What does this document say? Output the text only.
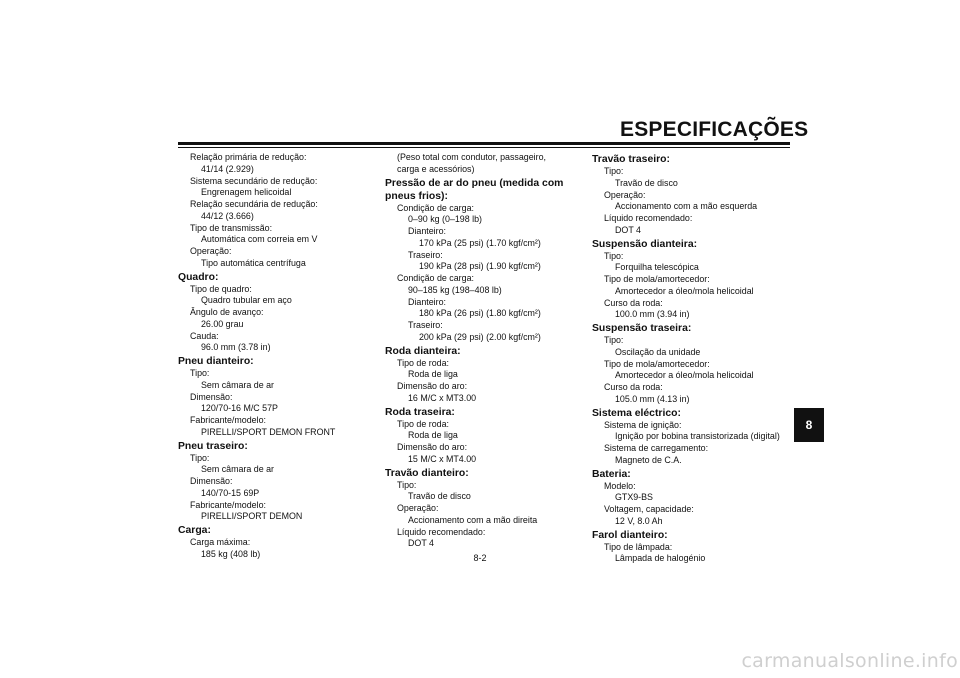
ESPECIFICAÇÕES
Relação primária de redução:
41/14 (2.929)
Sistema secundário de redução:
Engrenagem helicoidal
Relação secundária de redução:
44/12 (3.666)
Tipo de transmissão:
Automática com correia em V
Operação:
Tipo automática centrífuga
Quadro:
Tipo de quadro:
Quadro tubular em aço
Ângulo de avanço:
26.00 grau
Cauda:
96.0 mm (3.78 in)
Pneu dianteiro:
Tipo:
Sem câmara de ar
Dimensão:
120/70-16 M/C 57P
Fabricante/modelo:
PIRELLI/SPORT DEMON FRONT
Pneu traseiro:
Tipo:
Sem câmara de ar
Dimensão:
140/70-15 69P
Fabricante/modelo:
PIRELLI/SPORT DEMON
Carga:
Carga máxima:
185 kg (408 lb)
(Peso total com condutor, passageiro,
carga e acessórios)
Pressão de ar do pneu (medida com pneus frios):
Condição de carga:
0–90 kg (0–198 lb)
Dianteiro:
170 kPa (25 psi) (1.70 kgf/cm²)
Traseiro:
190 kPa (28 psi) (1.90 kgf/cm²)
Condição de carga:
90–185 kg (198–408 lb)
Dianteiro:
180 kPa (26 psi) (1.80 kgf/cm²)
Traseiro:
200 kPa (29 psi) (2.00 kgf/cm²)
Roda dianteira:
Tipo de roda:
Roda de liga
Dimensão do aro:
16 M/C x MT3.00
Roda traseira:
Tipo de roda:
Roda de liga
Dimensão do aro:
15 M/C x MT4.00
Travão dianteiro:
Tipo:
Travão de disco
Operação:
Accionamento com a mão direita
Líquido recomendado:
DOT 4
Travão traseiro:
Tipo:
Travão de disco
Operação:
Accionamento com a mão esquerda
Líquido recomendado:
DOT 4
Suspensão dianteira:
Tipo:
Forquilha telescópica
Tipo de mola/amortecedor:
Amortecedor a óleo/mola helicoidal
Curso da roda:
100.0 mm (3.94 in)
Suspensão traseira:
Tipo:
Oscilação da unidade
Tipo de mola/amortecedor:
Amortecedor a óleo/mola helicoidal
Curso da roda:
105.0 mm (4.13 in)
Sistema eléctrico:
Sistema de ignição:
Ignição por bobina transistorizada (digital)
Sistema de carregamento:
Magneto de C.A.
Bateria:
Modelo:
GTX9-BS
Voltagem, capacidade:
12 V, 8.0 Ah
Farol dianteiro:
Tipo de lâmpada:
Lâmpada de halogénio
8
8-2
carmanualsonline.info
